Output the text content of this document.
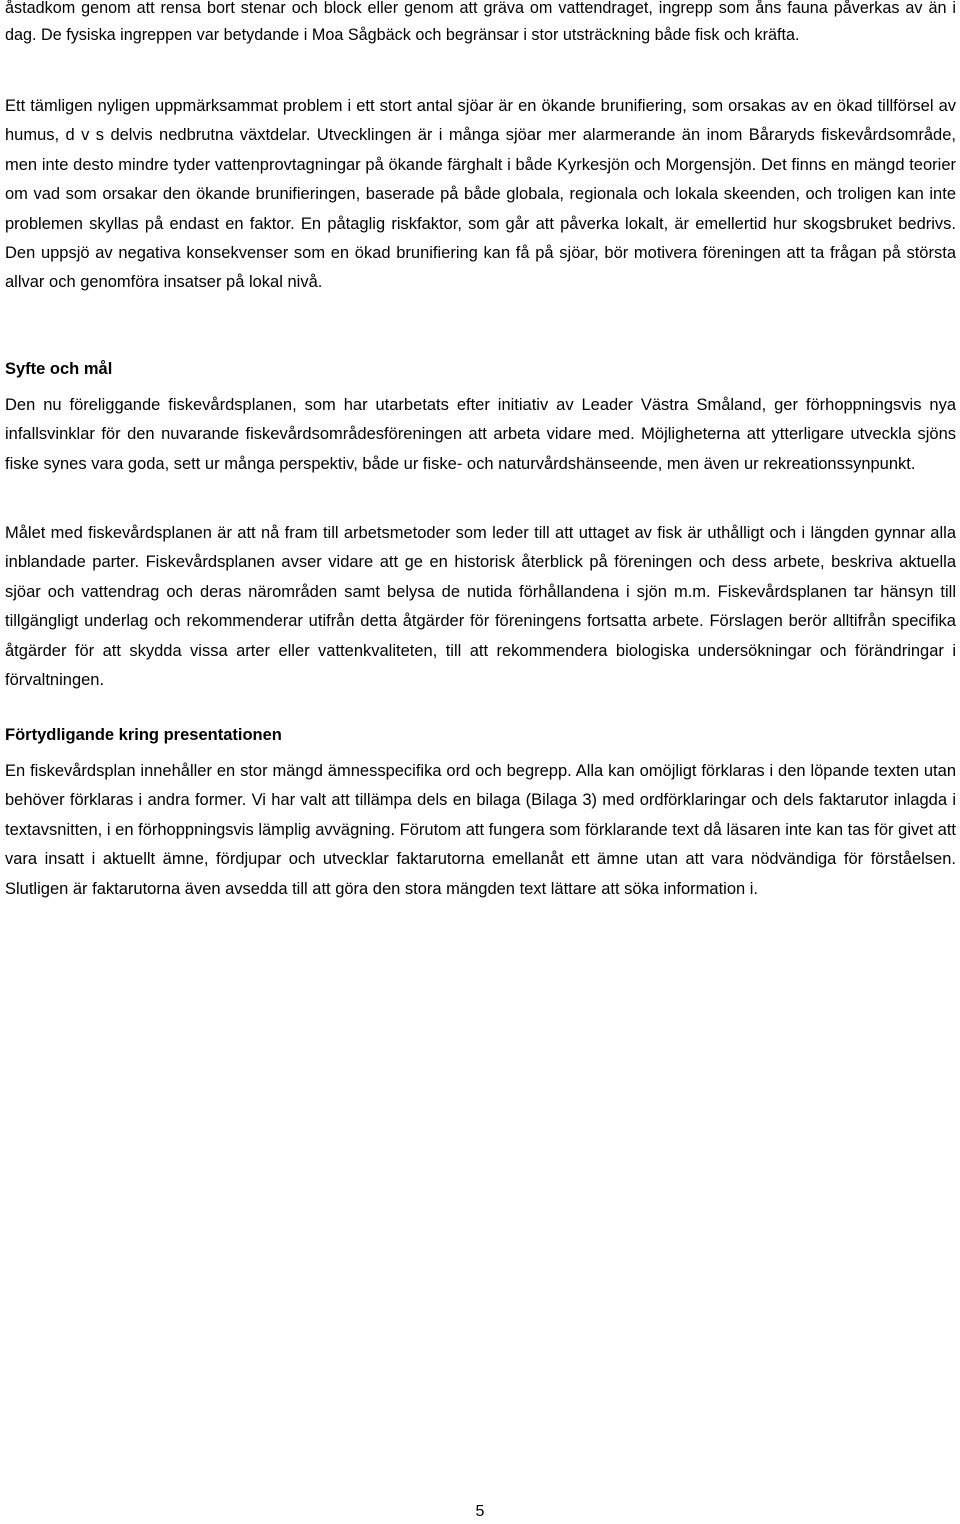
åstadkom genom att rensa bort stenar och block eller genom att gräva om vattendraget, ingrepp som åns fauna påverkas av än i dag. De fysiska ingreppen var betydande i Moa Sågbäck och begränsar i stor utsträckning både fisk och kräfta.

Ett tämligen nyligen uppmärksammat problem i ett stort antal sjöar är en ökande brunifiering, som orsakas av en ökad tillförsel av humus, d v s delvis nedbrutna växtdelar. Utvecklingen är i många sjöar mer alarmerande än inom Båraryds fiskevårdsområde, men inte desto mindre tyder vattenprovtagningar på ökande färghalt i både Kyrkesjön och Morgensjön. Det finns en mängd teorier om vad som orsakar den ökande brunifieringen, baserade på både globala, regionala och lokala skeenden, och troligen kan inte problemen skyllas på endast en faktor. En påtaglig riskfaktor, som går att påverka lokalt, är emellertid hur skogsbruket bedrivs. Den uppsjö av negativa konsekvenser som en ökad brunifiering kan få på sjöar, bör motivera föreningen att ta frågan på största allvar och genomföra insatser på lokal nivå.

Syfte och mål

Den nu föreliggande fiskevårdsplanen, som har utarbetats efter initiativ av Leader Västra Småland, ger förhoppningsvis nya infallsvinklar för den nuvarande fiskevårdsområdesföreningen att arbeta vidare med. Möjligheterna att ytterligare utveckla sjöns fiske synes vara goda, sett ur många perspektiv, både ur fiske- och naturvårdshänseende, men även ur rekreationssynpunkt.

Målet med fiskevårdsplanen är att nå fram till arbetsmetoder som leder till att uttaget av fisk är uthålligt och i längden gynnar alla inblandade parter. Fiskevårdsplanen avser vidare att ge en historisk återblick på föreningen och dess arbete, beskriva aktuella sjöar och vattendrag och deras närområden samt belysa de nutida förhållandena i sjön m.m. Fiskevårdsplanen tar hänsyn till tillgängligt underlag och rekommenderar utifrån detta åtgärder för föreningens fortsatta arbete. Förslagen berör alltifrån specifika åtgärder för att skydda vissa arter eller vattenkvaliteten, till att rekommendera biologiska undersökningar och förändringar i förvaltningen.

Förtydligande kring presentationen

En fiskevårdsplan innehåller en stor mängd ämnesspecifika ord och begrepp. Alla kan omöjligt förklaras i den löpande texten utan behöver förklaras i andra former. Vi har valt att tillämpa dels en bilaga (Bilaga 3) med ordförklaringar och dels faktarutor inlagda i textavsnitten, i en förhoppningsvis lämplig avvägning. Förutom att fungera som förklarande text då läsaren inte kan tas för givet att vara insatt i aktuellt ämne, fördjupar och utvecklar faktarutorna emellanåt ett ämne utan att vara nödvändiga för förståelsen. Slutligen är faktarutorna även avsedda till att göra den stora mängden text lättare att söka information i.

5
